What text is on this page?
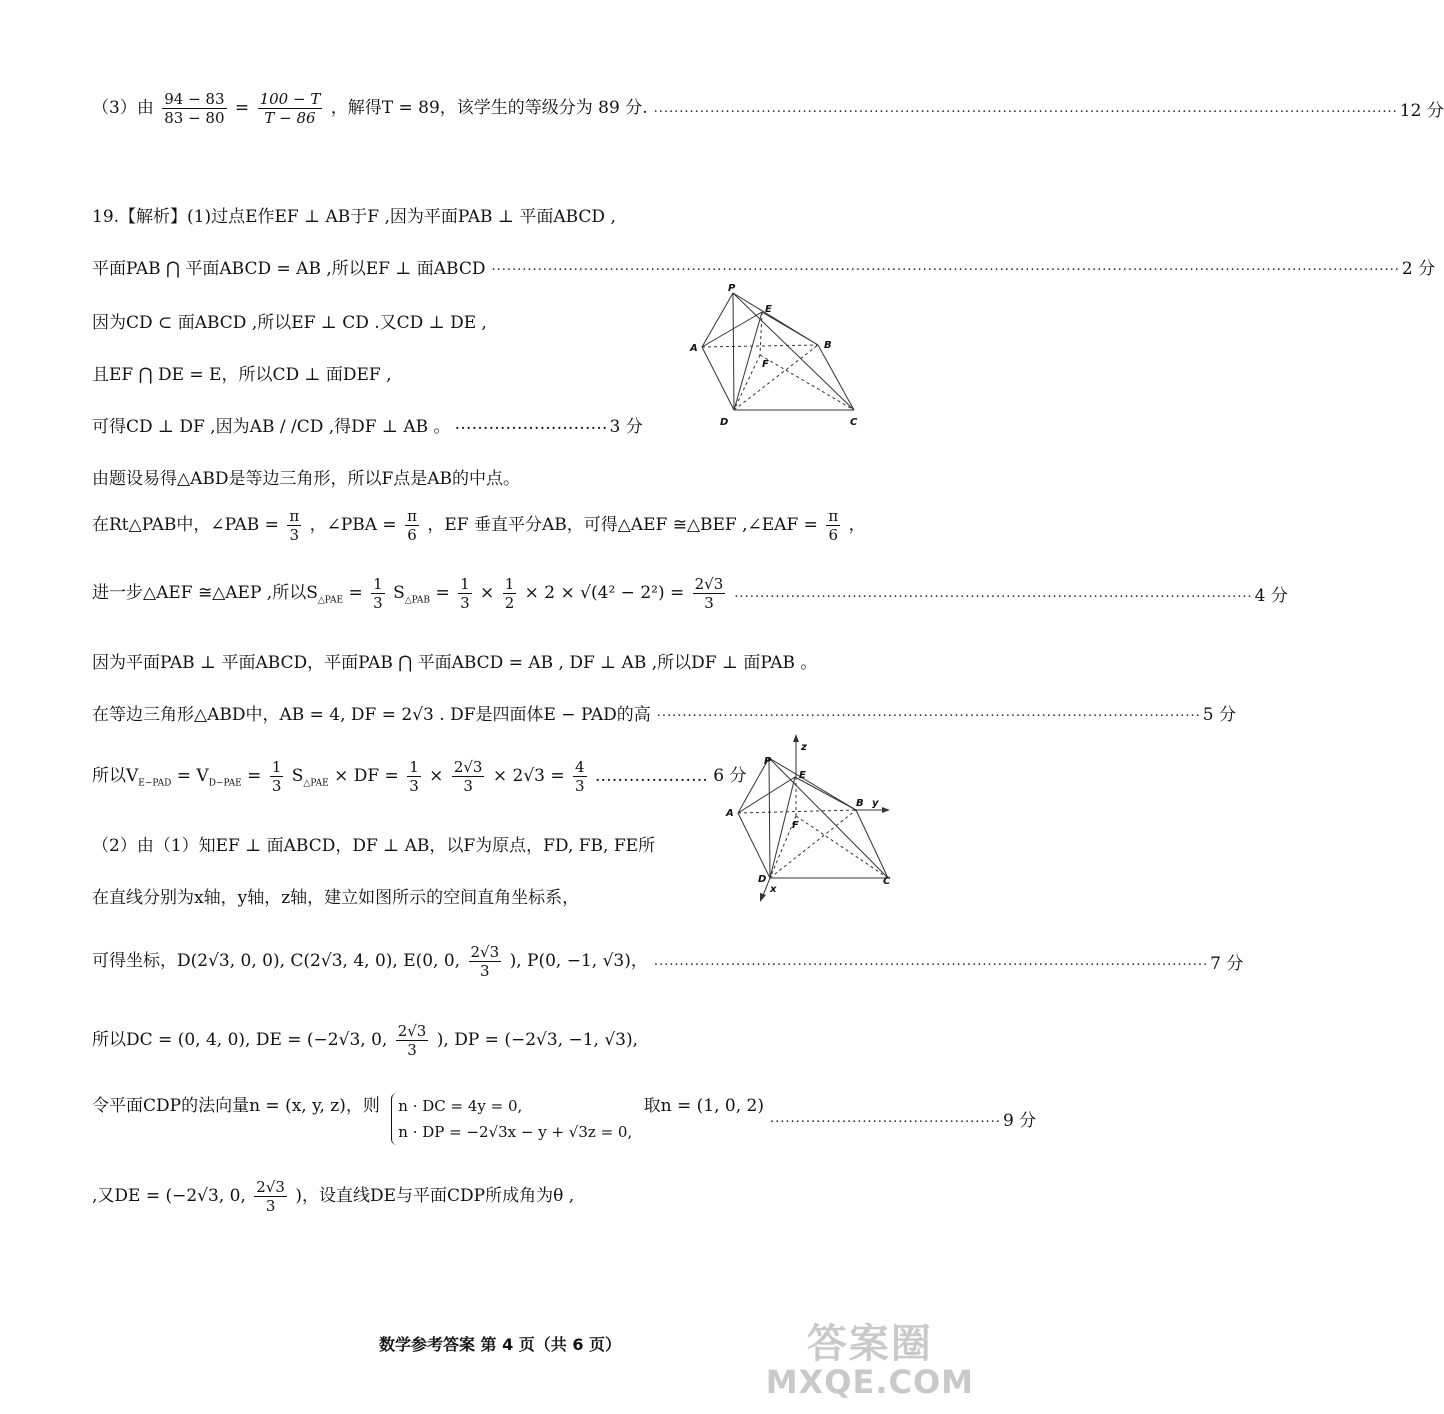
（3）由 $\frac{94 - 83}{83 - 80} = \frac{100 - T}{T - 86}$ ，解得T = 89，该学生的等级分为 89 分. ................................................................................................................................................. 12 分
19.【解析】(1)过点E作EF ⊥ AB于F ,因为平面PAB ⊥ 平面ABCD ,
平面PAB ⋂ 平面ABCD = AB ,所以EF ⊥ 面ABCD ................................................................................................................................................................................. 2 分
P
E
A	B
F
D	C
因为CD ⊂ 面ABCD ,所以EF ⊥ CD .又CD ⊥ DE ,
且EF ⋂ DE = E，所以CD ⊥ 面DEF ,
可得CD ⊥ DF ,因为AB / /CD ,得DF ⊥ AB 。 ……………………… 3 分
由题设易得△ABD是等边三角形，所以F点是AB的中点。
在Rt△PAB中，∠PAB = $\frac{\pi}{3}$ ，∠PBA = $\frac{\pi}{6}$ ，EF 垂直平分AB，可得△AEF ≅△BEF ,∠EAF = $\frac{\pi}{6}$ ，
进一步△AEF ≅△AEP ,所以$S_{\triangle PAE} = \frac{1}{3} S_{\triangle PAB} = \frac{1}{3} \times \frac{1}{2} \times 2 \times √(4^2 - 2^2) = \frac{2√3}{3}$ ..................................................................................................... 4 分
因为平面PAB ⊥ 平面ABCD，平面PAB ⋂ 平面ABCD = AB , DF ⊥ AB ,所以DF ⊥ 面PAB 。
在等边三角形△ABD中，AB = 4, DF = 2√3 . DF是四面体E − PAD的高 .......................................................................................................... 5 分
P
E
z
A
B y
F
D
x
C
所以$V_{E-PAD} = V_{D-PAE} = \frac{1}{3} S_{\triangle PAE}$ × DF = $\frac{1}{3} \times \frac{2√3}{3} \times 2√3 = \frac{4}{3}$ .………………. 6 分
（2）由（1）知EF ⊥ 面ABCD，DF ⊥ AB，以F为原点，FD, FB, FE所
在直线分别为x轴，y轴，z轴，建立如图所示的空间直角坐标系，
可得坐标，D(2√3, 0, 0), C(2√3, 4, 0), E(0, 0, $\frac{2√3}{3}$ ), P(0, −1, √3)， ............................................................................................................ 7 分
所以DC = (0, 4, 0), DE = (−2√3, 0, $\frac{2√3}{3}$ ), DP = (−2√3, −1, √3),
令平面CDP的法向量n = (x, y, z)，则 n · DC = 4y = 0,
n · DP = −2√3x − y + √3z = 0,
取n = (1, 0, 2)
............................................. 9 分
,又DE = (−2√3, 0, $\frac{2√3}{3}$ )，设直线DE与平面CDP所成角为θ ,
数学参考答案 第 4 页（共 6 页）	答案圈
MXQE.COM
